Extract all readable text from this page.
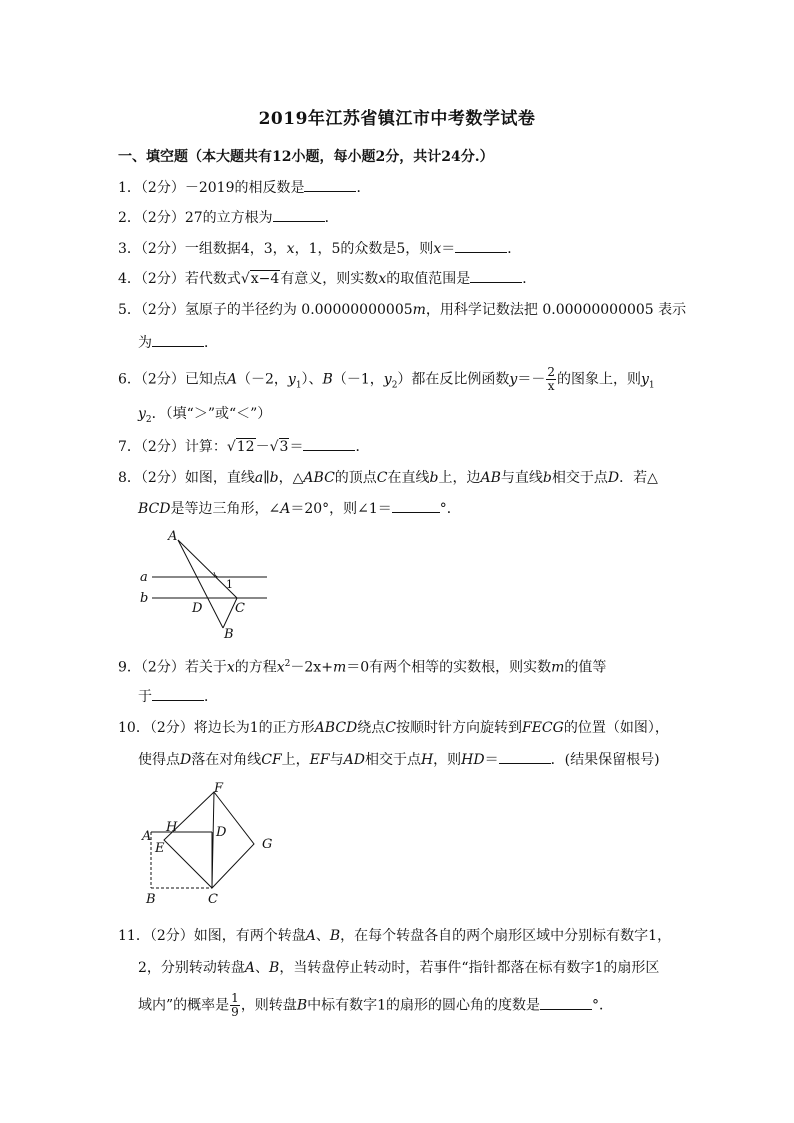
2019年江苏省镇江市中考数学试卷
一、填空题（本大题共有12小题，每小题2分，共计24分.）
1．（2分）－2019的相反数是	．
2．（2分）27的立方根为	．
3．（2分）一组数据4，3，x，1，5的众数是5，则x＝	．
4．（2分）若代数式√x−4有意义，则实数x的取值范围是	．
5．（2分）氢原子的半径约为 0.00000000005m，用科学记数法把 0.00000000005 表示
为	．
6．（2分）已知点A（－2，$y_1$）、B（－1，$y_2$）都在反比例函数$y=- \frac{2}{x}$ 的图象上，则$y_1$
$y_2$．（填“＞”或“＜”）
7．（2分）计算：√12－√3＝	．
8．（2分）如图，直线a∥b，△ABC的顶点C在直线b上，边AB与直线b相交于点D．若△
BCD是等边三角形，∠A＝20°，则∠1＝	°．
A
a	1
b
D	C
B
9．（2分）若关于x的方程$x^2-2x+m=0$有两个相等的实数根，则实数m的值等
于	．
10．（2分）将边长为1的正方形ABCD绕点C按顺时针方向旋转到FECG的位置（如图），
使得点D落在对角线CF上，EF与AD相交于点H，则HD＝	．(结果保留根号)
F
A
H	D
E	G
B	C
11．（2分）如图，有两个转盘A、B，在每个转盘各自的两个扇形区域中分别标有数字1，
2，分别转动转盘A、B，当转盘停止转动时，若事件“指针都落在标有数字1的扇形区
域内”的概率是 $\frac{1}{9}$ ，则转盘B中标有数字1的扇形的圆心角的度数是	°．
